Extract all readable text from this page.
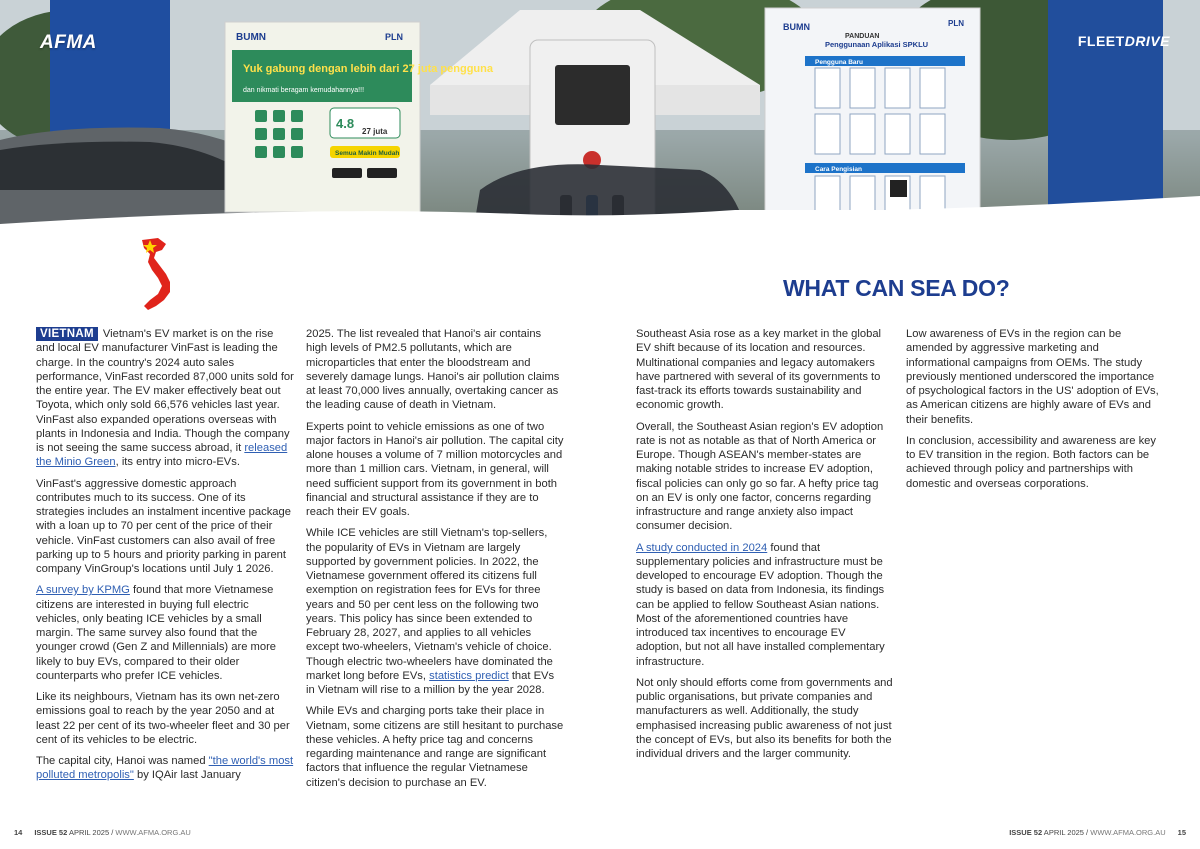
Yuk gabung dengan lebih dari 27 juta pengguna
dan nikmati beragam kemudahannya!!!
4.8
27 juta
Semua Makin Mudah
BUMN	PLN
BUMN	PLN
PANDUAN
Penggunaan Aplikasi SPKLU
Pengguna Baru
Cara Pengisian
AFMA	FLEETDRIVE
WHAT CAN SEA DO?

VIETNAM Vietnam's EV market is on the rise and local EV manufacturer VinFast is leading the charge. In the country's 2024 auto sales performance, VinFast recorded 87,000 units sold for the entire year. The EV maker effectively beat out Toyota, which only sold 66,576 vehicles last year. VinFast also expanded operations overseas with plants in Indonesia and India. Though the company is not seeing the same success abroad, it released the Minio Green, its entry into micro-EVs.

VinFast's aggressive domestic approach contributes much to its success. One of its strategies includes an instalment incentive package with a loan up to 70 per cent of the price of their vehicle. VinFast customers can also avail of free parking up to 5 hours and priority parking in parent company VinGroup's locations until July 1 2026.

A survey by KPMG found that more Vietnamese citizens are interested in buying full electric vehicles, only beating ICE vehicles by a small margin. The same survey also found that the younger crowd (Gen Z and Millennials) are more likely to buy EVs, compared to their older counterparts who prefer ICE vehicles.

Like its neighbours, Vietnam has its own net-zero emissions goal to reach by the year 2050 and at least 22 per cent of its two-wheeler fleet and 30 per cent of its vehicles to be electric.

The capital city, Hanoi was named "the world's most polluted metropolis" by IQAir last January

2025. The list revealed that Hanoi's air contains high levels of PM2.5 pollutants, which are microparticles that enter the bloodstream and severely damage lungs. Hanoi's air pollution claims at least 70,000 lives annually, overtaking cancer as the leading cause of death in Vietnam.

Experts point to vehicle emissions as one of two major factors in Hanoi's air pollution. The capital city alone houses a volume of 7 million motorcycles and more than 1 million cars. Vietnam, in general, will need sufficient support from its government in both financial and structural assistance if they are to reach their EV goals.

While ICE vehicles are still Vietnam's top-sellers, the popularity of EVs in Vietnam are largely supported by government policies. In 2022, the Vietnamese government offered its citizens full exemption on registration fees for EVs for three years and 50 per cent less on the following two years. This policy has since been extended to February 28, 2027, and applies to all vehicles except two-wheelers, Vietnam's vehicle of choice. Though electric two-wheelers have dominated the market long before EVs, statistics predict that EVs in Vietnam will rise to a million by the year 2028.

While EVs and charging ports take their place in Vietnam, some citizens are still hesitant to purchase these vehicles. A hefty price tag and concerns regarding maintenance and range are significant factors that influence the regular Vietnamese citizen's decision to purchase an EV.

Southeast Asia rose as a key market in the global EV shift because of its location and resources. Multinational companies and legacy automakers have partnered with several of its governments to fast-track its efforts towards sustainability and economic growth.

Overall, the Southeast Asian region's EV adoption rate is not as notable as that of North America or Europe. Though ASEAN's member-states are making notable strides to increase EV adoption, fiscal policies can only go so far. A hefty price tag on an EV is only one factor, concerns regarding infrastructure and range anxiety also impact consumer decision.

A study conducted in 2024 found that supplementary policies and infrastructure must be developed to encourage EV adoption. Though the study is based on data from Indonesia, its findings can be applied to fellow Southeast Asian nations. Most of the aforementioned countries have introduced tax incentives to encourage EV adoption, but not all have installed complementary infrastructure.

Not only should efforts come from governments and public organisations, but private companies and manufacturers as well. Additionally, the study emphasised increasing public awareness of not just the concept of EVs, but also its benefits for both the individual drivers and the larger community.

Low awareness of EVs in the region can be amended by aggressive marketing and informational campaigns from OEMs. The study previously mentioned underscored the importance of psychological factors in the US' adoption of EVs, as American citizens are highly aware of EVs and their benefits.

In conclusion, accessibility and awareness are key to EV transition in the region. Both factors can be achieved through policy and partnerships with domestic and overseas corporations.

14 ISSUE 52 APRIL 2025 / WWW.AFMA.ORG.AU	ISSUE 52 APRIL 2025 / WWW.AFMA.ORG.AU 15
